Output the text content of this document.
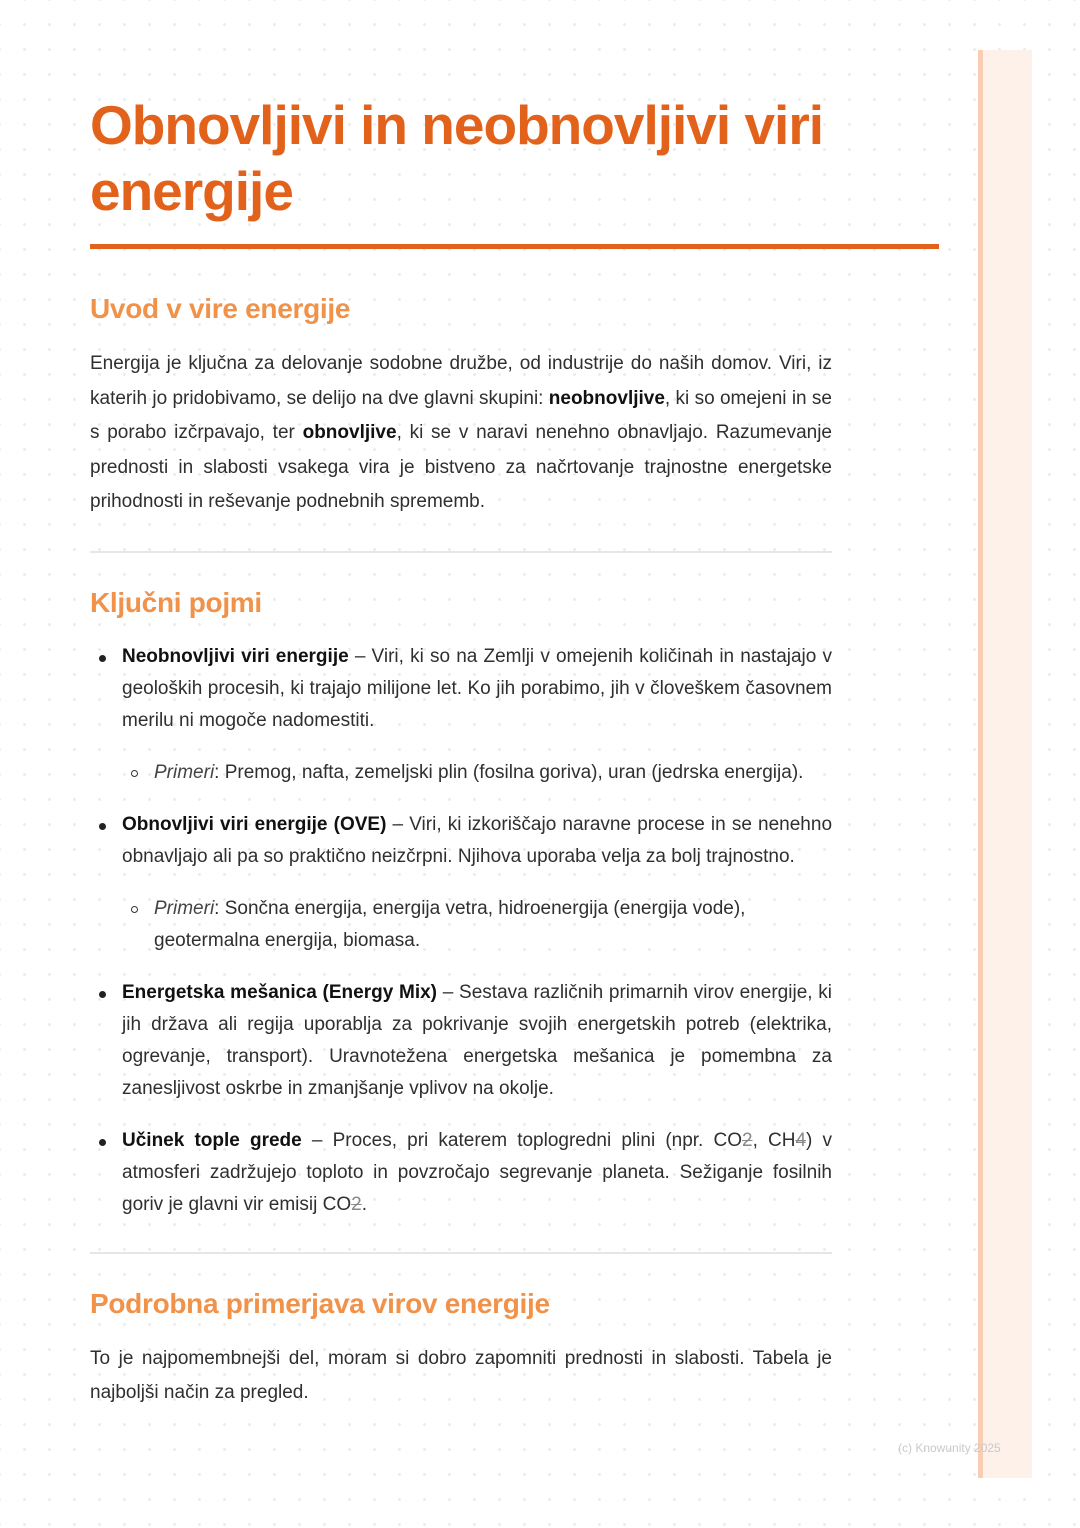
Obnovljivi in neobnovljivi viri energije
Uvod v vire energije

Energija je ključna za delovanje sodobne družbe, od industrije do naših domov. Viri, iz katerih jo pridobivamo, se delijo na dve glavni skupini: neobnovljive, ki so omejeni in se s porabo izčrpavajo, ter obnovljive, ki se v naravi nenehno obnavljajo. Razumevanje prednosti in slabosti vsakega vira je bistveno za načrtovanje trajnostne energetske prihodnosti in reševanje podnebnih sprememb.

Ključni pojmi
Neobnovljivi viri energije – Viri, ki so na Zemlji v omejenih količinah in nastajajo v geoloških procesih, ki trajajo milijone let. Ko jih porabimo, jih v človeškem časovnem merilu ni mogoče nadomestiti.
Primeri: Premog, nafta, zemeljski plin (fosilna goriva), uran (jedrska energija).
Obnovljivi viri energije (OVE) – Viri, ki izkoriščajo naravne procese in se nenehno obnavljajo ali pa so praktično neizčrpni. Njihova uporaba velja za bolj trajnostno.
Primeri: Sončna energija, energija vetra, hidroenergija (energija vode), geotermalna energija, biomasa.
Energetska mešanica (Energy Mix) – Sestava različnih primarnih virov energije, ki jih država ali regija uporablja za pokrivanje svojih energetskih potreb (elektrika, ogrevanje, transport). Uravnotežena energetska mešanica je pomembna za zanesljivost oskrbe in zmanjšanje vplivov na okolje.
Učinek tople grede – Proces, pri katerem toplogredni plini (npr. CO2, CH4) v atmosferi zadržujejo toploto in povzročajo segrevanje planeta. Sežiganje fosilnih goriv je glavni vir emisij CO2.
Podrobna primerjava virov energije

To je najpomembnejši del, moram si dobro zapomniti prednosti in slabosti. Tabela je najboljši način za pregled.

(c) Knowunity 2025
